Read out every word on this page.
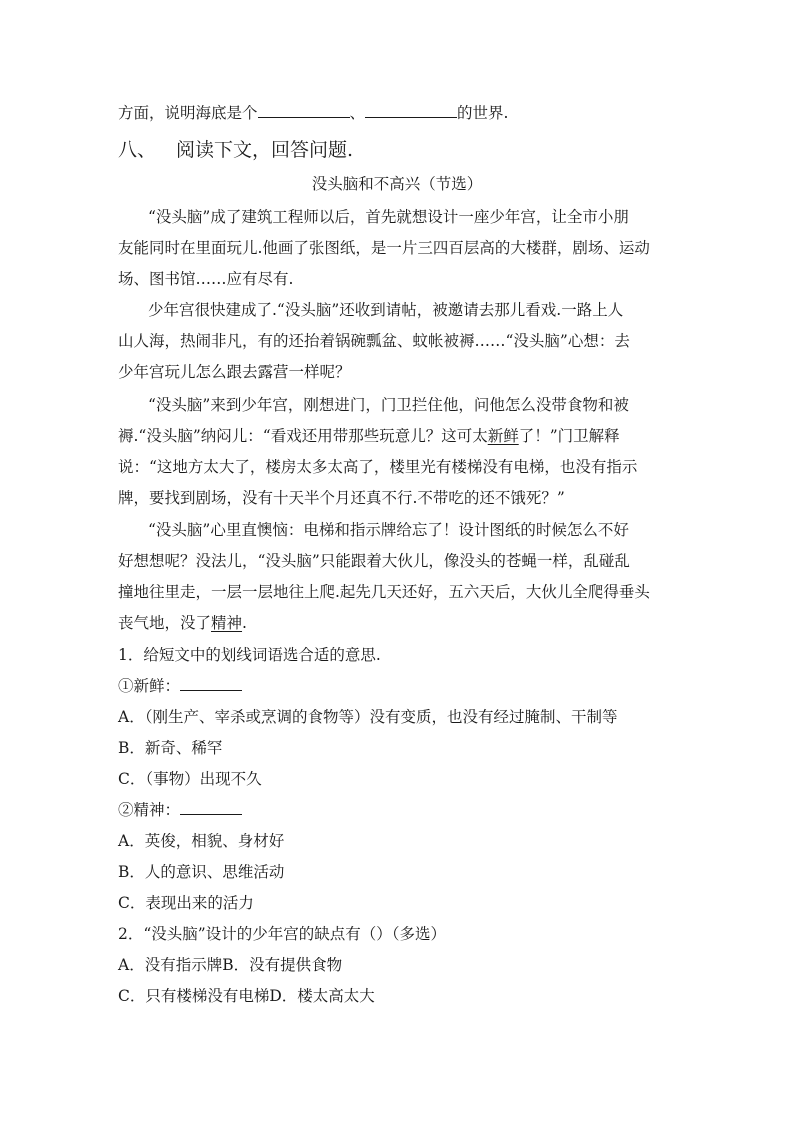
方面，说明海底是个	、	的世界.
八、 阅读下文，回答问题.
没头脑和不高兴（节选）
“没头脑”成了建筑工程师以后，首先就想设计一座少年宫，让全市小朋
友能同时在里面玩儿.他画了张图纸，是一片三四百层高的大楼群，剧场、运动
场、图书馆……应有尽有.
少年宫很快建成了.“没头脑”还收到请帖，被邀请去那儿看戏.一路上人
山人海，热闹非凡，有的还抬着锅碗瓢盆、蚊帐被褥……“没头脑”心想：去
少年宫玩儿怎么跟去露营一样呢？
“没头脑”来到少年宫，刚想进门，门卫拦住他，问他怎么没带食物和被
褥.“没头脑”纳闷儿：“看戏还用带那些玩意儿？这可太新鲜了！”门卫解释
说：“这地方太大了，楼房太多太高了，楼里光有楼梯没有电梯，也没有指示
牌，要找到剧场，没有十天半个月还真不行.不带吃的还不饿死？”
“没头脑”心里直懊恼：电梯和指示牌给忘了！设计图纸的时候怎么不好
好想想呢？没法儿，“没头脑”只能跟着大伙儿，像没头的苍蝇一样，乱碰乱
撞地往里走，一层一层地往上爬.起先几天还好，五六天后，大伙儿全爬得垂头
丧气地，没了精神.
1．给短文中的划线词语选合适的意思.
①新鲜：
A．（刚生产、宰杀或烹调的食物等）没有变质，也没有经过腌制、干制等
B．新奇、稀罕
C．（事物）出现不久
②精神：
A．英俊，相貌、身材好
B．人的意识、思维活动
C．表现出来的活力
2．“没头脑”设计的少年宫的缺点有（）（多选）
A．没有指示牌B．没有提供食物
C．只有楼梯没有电梯D．楼太高太大
